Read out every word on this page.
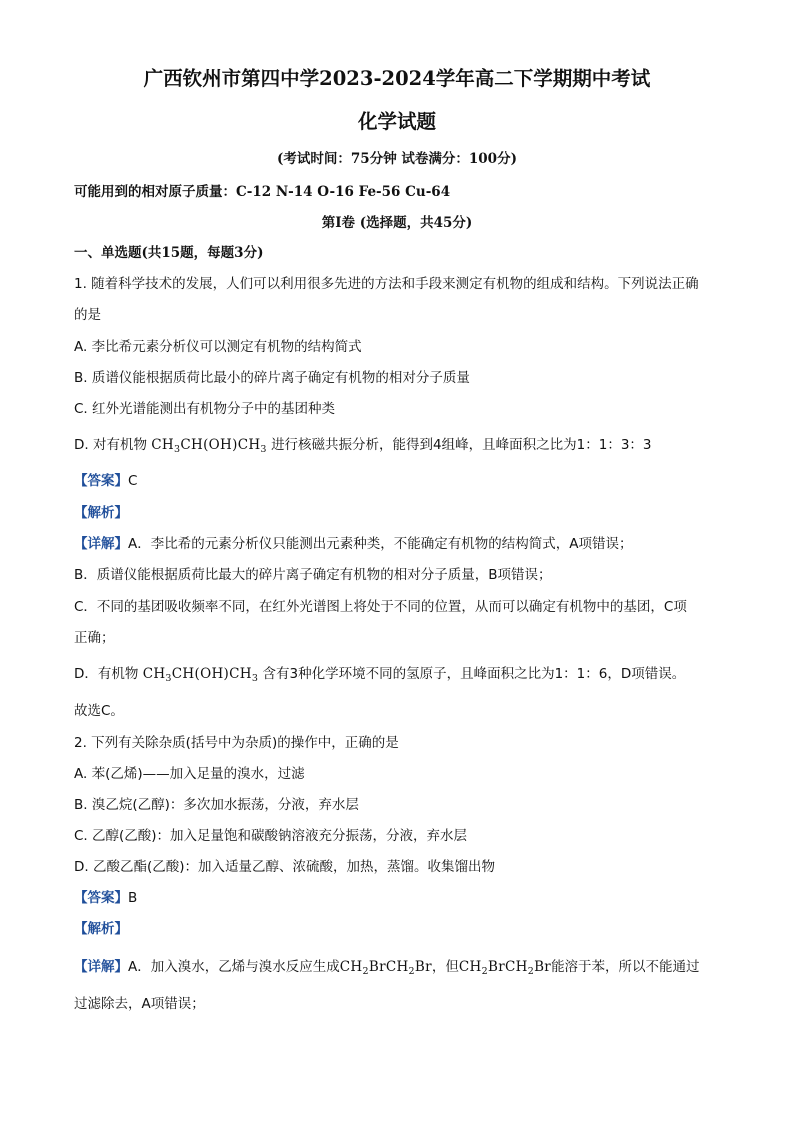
广西钦州市第四中学2023-2024学年高二下学期期中考试
化学试题
(考试时间：75分钟 试卷满分：100分)
可能用到的相对原子质量：C-12 N-14 O-16 Fe-56 Cu-64
第Ⅰ卷 (选择题，共45分)
一、单选题(共15题，每题3分)
1. 随着科学技术的发展，人们可以利用很多先进的方法和手段来测定有机物的组成和结构。下列说法正确
的是
A. 李比希元素分析仪可以测定有机物的结构简式
B. 质谱仪能根据质荷比最小的碎片离子确定有机物的相对分子质量
C. 红外光谱能测出有机物分子中的基团种类
D. 对有机物 $CH_3CH(OH)CH_3$ 进行核磁共振分析，能得到4组峰，且峰面积之比为1：1：3：3
【答案】C
【解析】
【详解】A．李比希的元素分析仪只能测出元素种类，不能确定有机物的结构简式，A项错误；
B．质谱仪能根据质荷比最大的碎片离子确定有机物的相对分子质量，B项错误；
C．不同的基团吸收频率不同，在红外光谱图上将处于不同的位置，从而可以确定有机物中的基团，C项
正确；
D．有机物 $CH_3CH(OH)CH_3$ 含有3种化学环境不同的氢原子，且峰面积之比为1：1：6，D项错误。
故选C。
2. 下列有关除杂质(括号中为杂质)的操作中，正确的是
A. 苯(乙烯)——加入足量的溴水，过滤
B. 溴乙烷(乙醇)：多次加水振荡，分液，弃水层
C. 乙醇(乙酸)：加入足量饱和碳酸钠溶液充分振荡，分液，弃水层
D. 乙酸乙酯(乙酸)：加入适量乙醇、浓硫酸，加热，蒸馏。收集馏出物
【答案】B
【解析】
【详解】A．加入溴水，乙烯与溴水反应生成$CH_2BrCH_2Br$，但$CH_2BrCH_2Br$能溶于苯，所以不能通过
过滤除去，A项错误；
